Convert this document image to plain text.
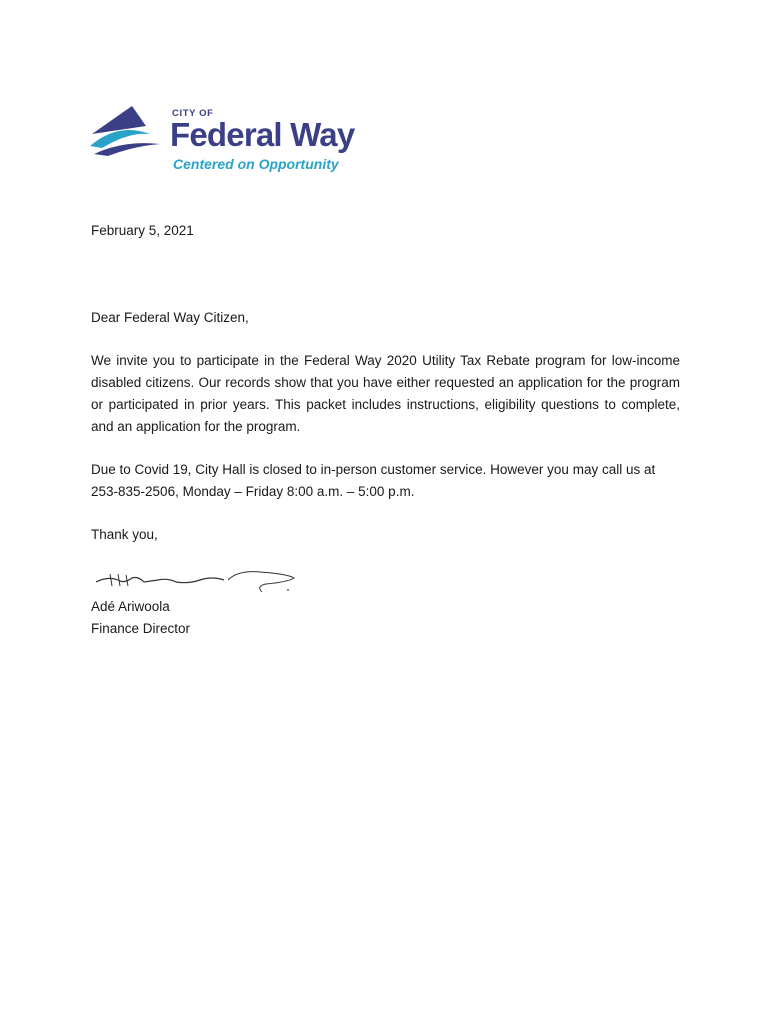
CITY OF
Federal Way
Centered on Opportunity

February 5, 2021

Dear Federal Way Citizen,

We invite you to participate in the Federal Way 2020 Utility Tax Rebate program for low-income disabled citizens. Our records show that you have either requested an application for the program or participated in prior years. This packet includes instructions, eligibility questions to complete, and an application for the program.

Due to Covid 19, City Hall is closed to in-person customer service. However you may call us at 253-835-2506, Monday – Friday 8:00 a.m. – 5:00 p.m.

Thank you,

Adé Ariwoola

Finance Director
